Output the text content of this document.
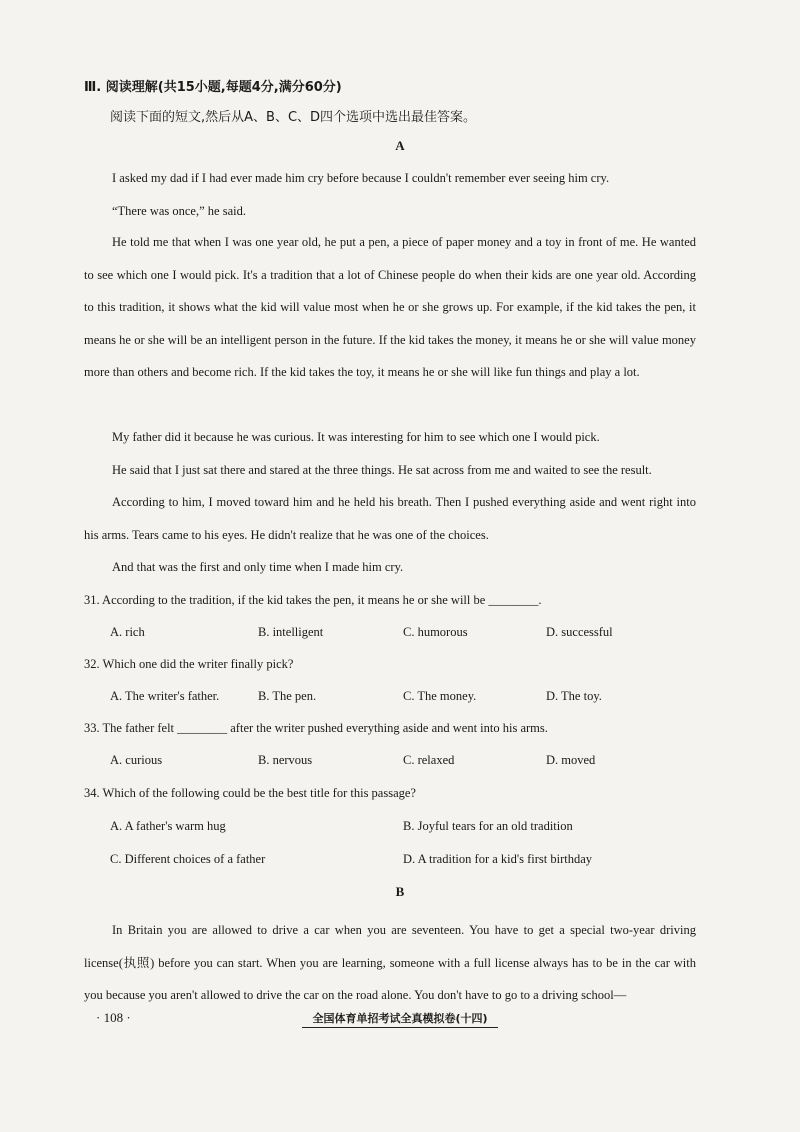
Ⅲ. 阅读理解(共15小题,每题4分,满分60分)
阅读下面的短文,然后从A、B、C、D四个选项中选出最佳答案。
A

I asked my dad if I had ever made him cry before because I couldn't remember ever seeing him cry.

“There was once,” he said.

He told me that when I was one year old, he put a pen, a piece of paper money and a toy in front of me. He wanted to see which one I would pick. It's a tradition that a lot of Chinese people do when their kids are one year old. According to this tradition, it shows what the kid will value most when he or she grows up. For example, if the kid takes the pen, it means he or she will be an intelligent person in the future. If the kid takes the money, it means he or she will value money more than others and become rich. If the kid takes the toy, it means he or she will like fun things and play a lot.

My father did it because he was curious. It was interesting for him to see which one I would pick.

He said that I just sat there and stared at the three things. He sat across from me and waited to see the result.

According to him, I moved toward him and he held his breath. Then I pushed everything aside and went right into his arms. Tears came to his eyes. He didn't realize that he was one of the choices.

And that was the first and only time when I made him cry.

31. According to the tradition, if the kid takes the pen, it means he or she will be ________.
A. rich	B. intelligent	C. humorous	D. successful
32. Which one did the writer finally pick?
A. The writer's father.	B. The pen.	C. The money.	D. The toy.
33. The father felt ________ after the writer pushed everything aside and went into his arms.
A. curious	B. nervous	C. relaxed	D. moved
34. Which of the following could be the best title for this passage?
A. A father's warm hug	B. Joyful tears for an old tradition
C. Different choices of a father	D. A tradition for a kid's first birthday
B

In Britain you are allowed to drive a car when you are seventeen. You have to get a special two-year driving license(执照) before you can start. When you are learning, someone with a full license always has to be in the car with you because you aren't allowed to drive the car on the road alone. You don't have to go to a driving school—

· 108 ·	全国体育单招考试全真模拟卷(十四)
